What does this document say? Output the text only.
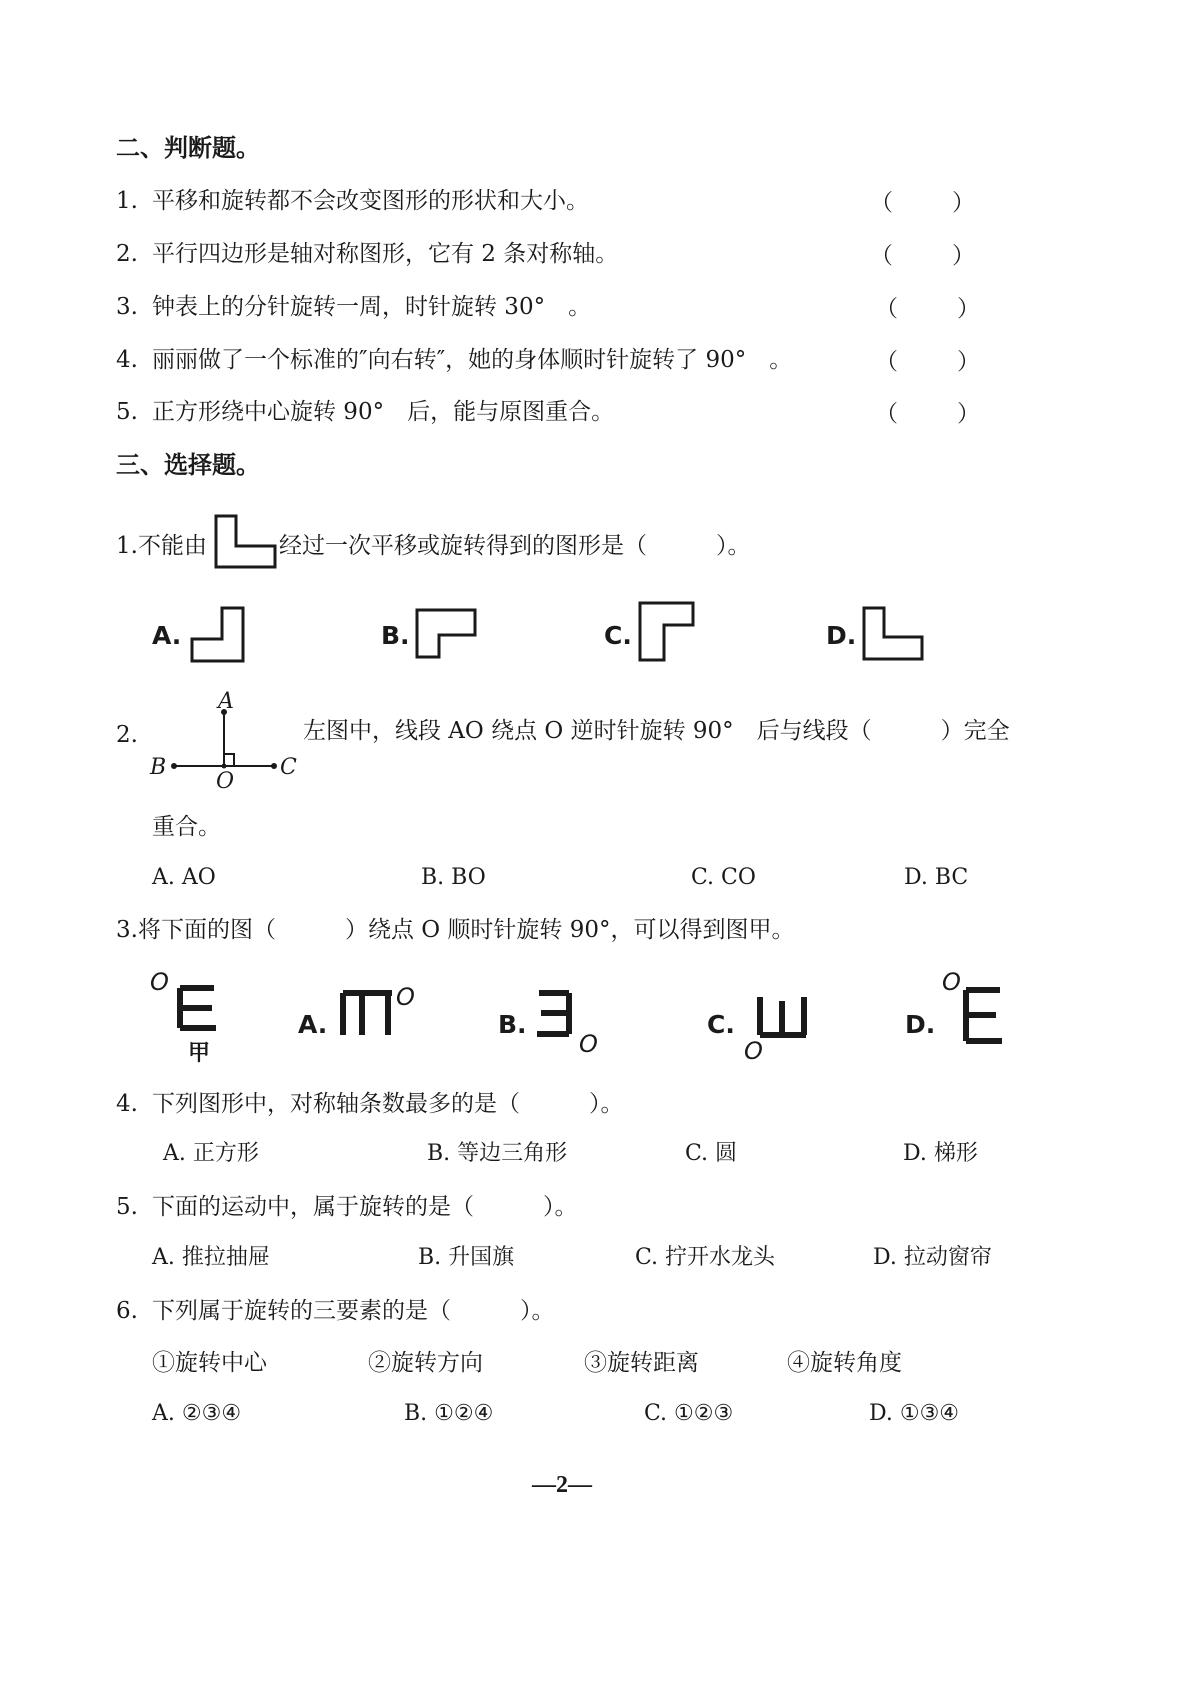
二、判断题。
1. 平移和旋转都不会改变图形的形状和大小。	（	）
2. 平行四边形是轴对称图形，它有 2 条对称轴。	（	）
3. 钟表上的分针旋转一周，时针旋转 30°　。	（	）
4. 丽丽做了一个标准的″向右转″，她的身体顺时针旋转了 90°　。	（	）
5. 正方形绕中心旋转 90°　后，能与原图重合。	（	）
三、选择题。
1.不能由	经过一次平移或旋转得到的图形是（　　　）。
A.	B.	C.	D.
2.
A
B
O
C
左图中，线段 AO 绕点 O 逆时针旋转 90°　后与线段（　　　）完全
重合。
A. AO	B. BO	C. CO	D. BC
3.将下面的图（　　　）绕点 O 顺时针旋转 90°，可以得到图甲。
O
甲
A.
O
B.
O
C.
O
D.
O
4. 下列图形中，对称轴条数最多的是（　　　）。
A. 正方形	B. 等边三角形	C. 圆	D. 梯形
5. 下面的运动中，属于旋转的是（　　　）。
A. 推拉抽屉	B. 升国旗	C. 拧开水龙头	D. 拉动窗帘
6. 下列属于旋转的三要素的是（　　　）。
①旋转中心	②旋转方向	③旋转距离	④旋转角度
A. ②③④	B. ①②④	C. ①②③	D. ①③④
—2—
